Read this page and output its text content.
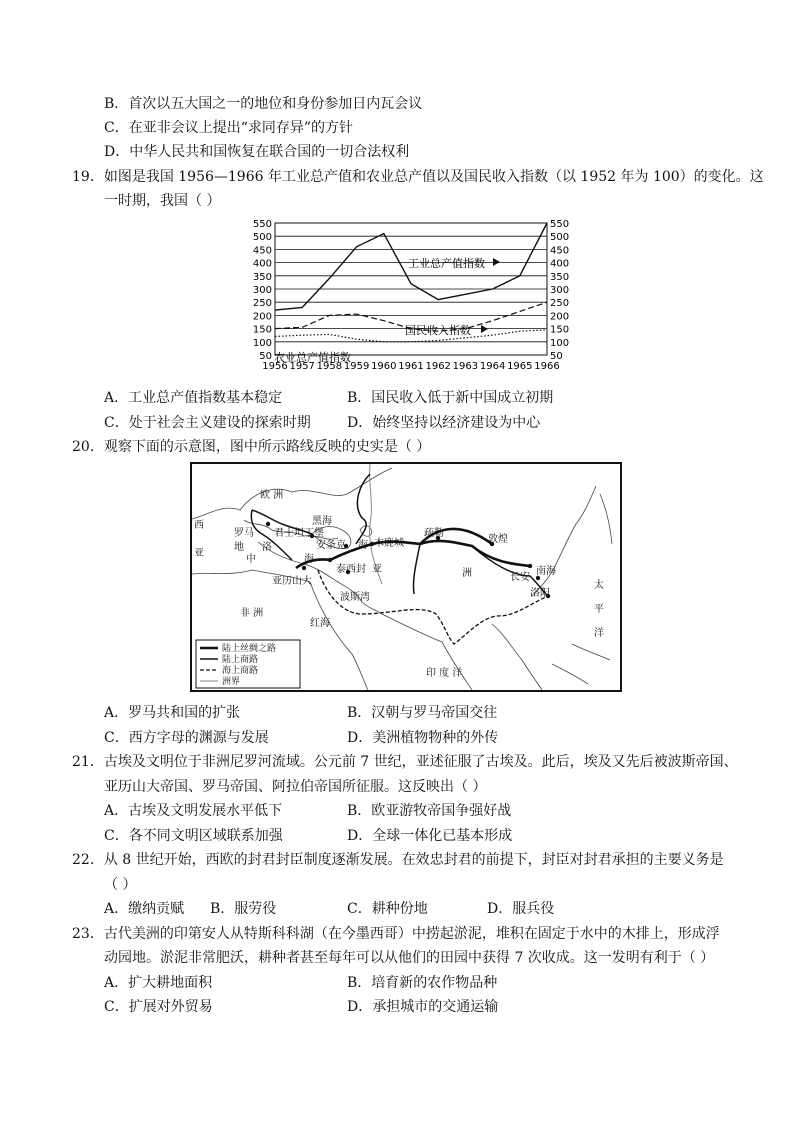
B．首次以五大国之一的地位和身份参加日内瓦会议
C．在亚非会议上提出“求同存异”的方针
D．中华人民共和国恢复在联合国的一切合法权利
19．如图是我国 1956—1966 年工业总产值和农业总产值以及国民收入指数（以 1952 年为 100）的变化。这
一时期，我国（ ）
50
100
150
200
250
300
350
400
450
500
550
50
100
150
200
250
300
350
400
450
500
550
1956 1957 1958 1959 1960 1961 1962 1963 1964 1965 1966
工业总产值指数
国民收入指数
农业总产值指数
A．工业总产值指数基本稳定	B．国民收入低于新中国成立初期
C．处于社会主义建设的探索时期	D．始终坚持以经济建设为中心
20．观察下面的示意图，图中所示路线反映的史实是（ ）
欧 洲
西
亚
罗马
地
中	海
洛
黑海
君士坦丁堡
安条克
亚历山大
非 洲
海
红海
泰西封 亚
波斯湾
木鹿城
疏勒
敦煌
洲	长安
洛阳
南海
印 度 洋
太
平
洋
陆上丝绸之路
陆上商路
海上商路
洲界
A．罗马共和国的扩张	B．汉朝与罗马帝国交往
C．西方字母的渊源与发展	D．美洲植物物种的外传
21．古埃及文明位于非洲尼罗河流域。公元前 7 世纪，亚述征服了古埃及。此后，埃及又先后被波斯帝国、
亚历山大帝国、罗马帝国、阿拉伯帝国所征服。这反映出（ ）
A．古埃及文明发展水平低下	B．欧亚游牧帝国争强好战
C．各不同文明区域联系加强	D．全球一体化已基本形成
22．从 8 世纪开始，西欧的封君封臣制度逐渐发展。在效忠封君的前提下，封臣对封君承担的主要义务是
（ ）
A．缴纳贡赋 B．服劳役	C．耕种份地	D．服兵役
23．古代美洲的印第安人从特斯科科湖（在今墨西哥）中捞起淤泥，堆积在固定于水中的木排上，形成浮
动园地。淤泥非常肥沃，耕种者甚至每年可以从他们的田园中获得 7 次收成。这一发明有利于（ ）
A．扩大耕地面积	B．培育新的农作物品种
C．扩展对外贸易	D．承担城市的交通运输
